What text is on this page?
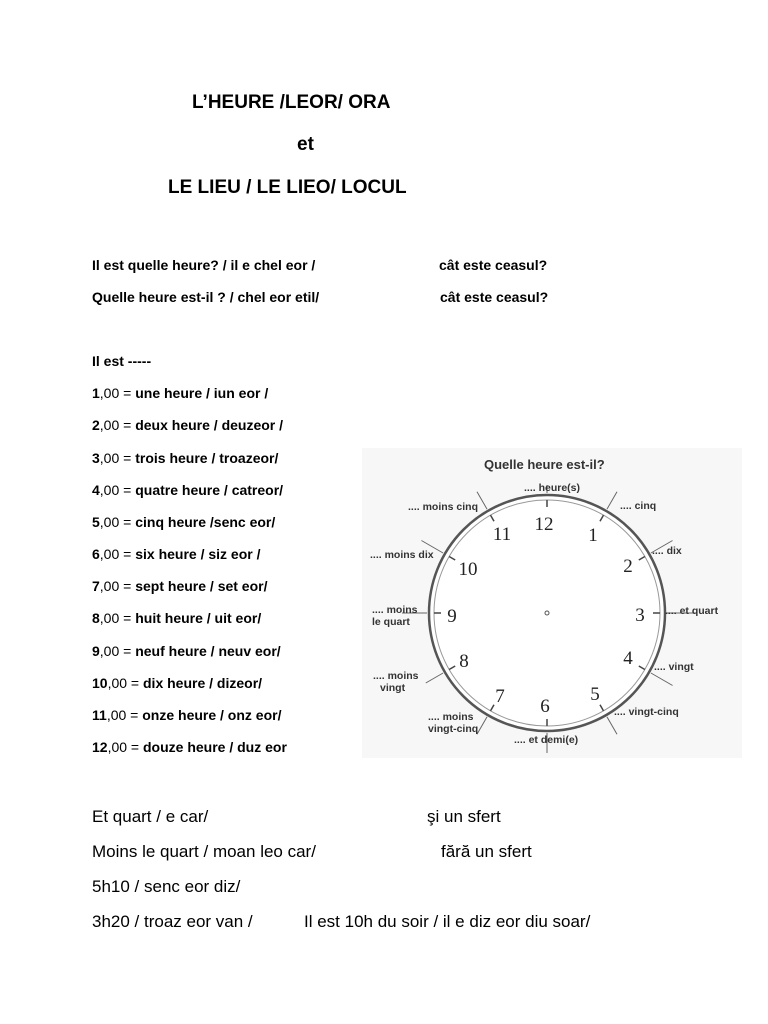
L’HEURE /LEOR/ ORA
et
LE LIEU / LE LIEO/ LOCUL
Il est quelle heure? / il e chel eor /	cât este ceasul?
Quelle heure est-il ? / chel eor etil/	cât este ceasul?
Il est -----
1,00 = une heure / iun eor /
2,00 = deux heure / deuzeor /
3,00 = trois heure / troazeor/
4,00 = quatre heure / catreor/
5,00 = cinq heure /senc eor/
6,00 = six heure / siz eor /
7,00 = sept heure / set eor/
8,00 = huit heure / uit eor/
9,00 = neuf heure / neuv eor/
10,00 = dix heure / dizeor/
11,00 = onze heure / onz eor/
12,00 = douze heure / duz eor
Quelle heure est-il?
12
1
2
3
4
5
6
7
8
9
10
11
.... heure(s)
.... cinq
.... dix
.... et quart
.... vingt
.... vingt-cinq
.... et demi(e)
.... moins
vingt-cinq
.... moins
vingt
.... moins
le quart
.... moins dix
.... moins cinq
Et quart / e car/	şi un sfert
Moins le quart / moan leo car/	fără un sfert
5h10 / senc eor diz/
3h20 / troaz eor van /	Il est 10h du soir / il e diz eor diu soar/
